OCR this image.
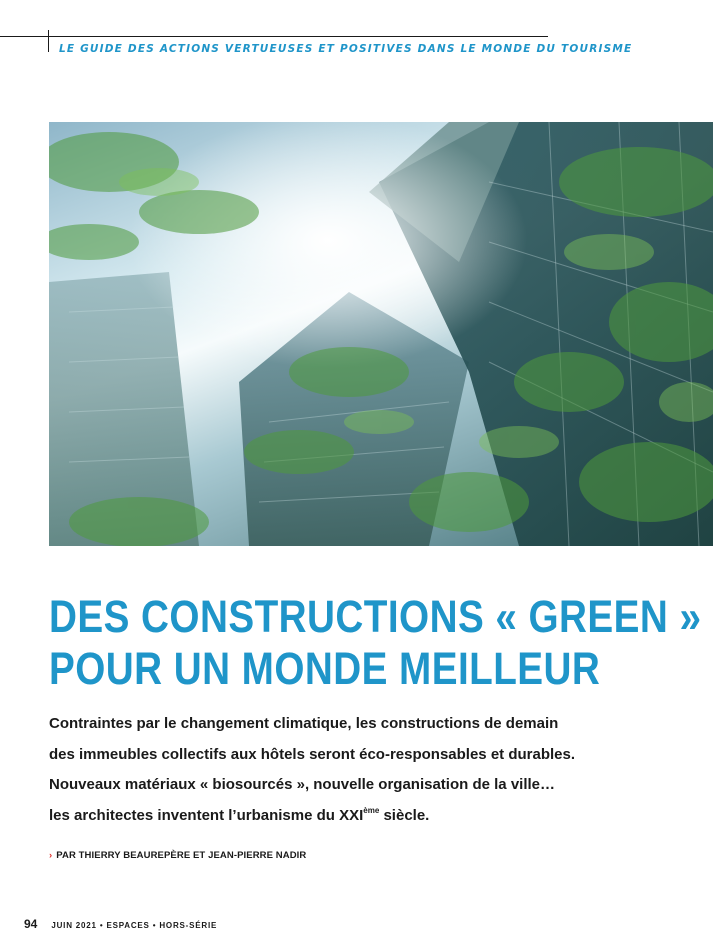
LE GUIDE DES ACTIONS VERTUEUSES ET POSITIVES DANS LE MONDE DU TOURISME
DES CONSTRUCTIONS « GREEN »
POUR UN MONDE MEILLEUR
Contraintes par le changement climatique, les constructions de demain
des immeubles collectifs aux hôtels seront éco-responsables et durables.
Nouveaux matériaux « biosourcés », nouvelle organisation de la ville…
les architectes inventent l’urbanisme du XXIème siècle.
› PAR THIERRY BEAUREPÈRE ET JEAN-PIERRE NADIR
94 JUIN 2021 • ESPACES • HORS-SÉRIE
